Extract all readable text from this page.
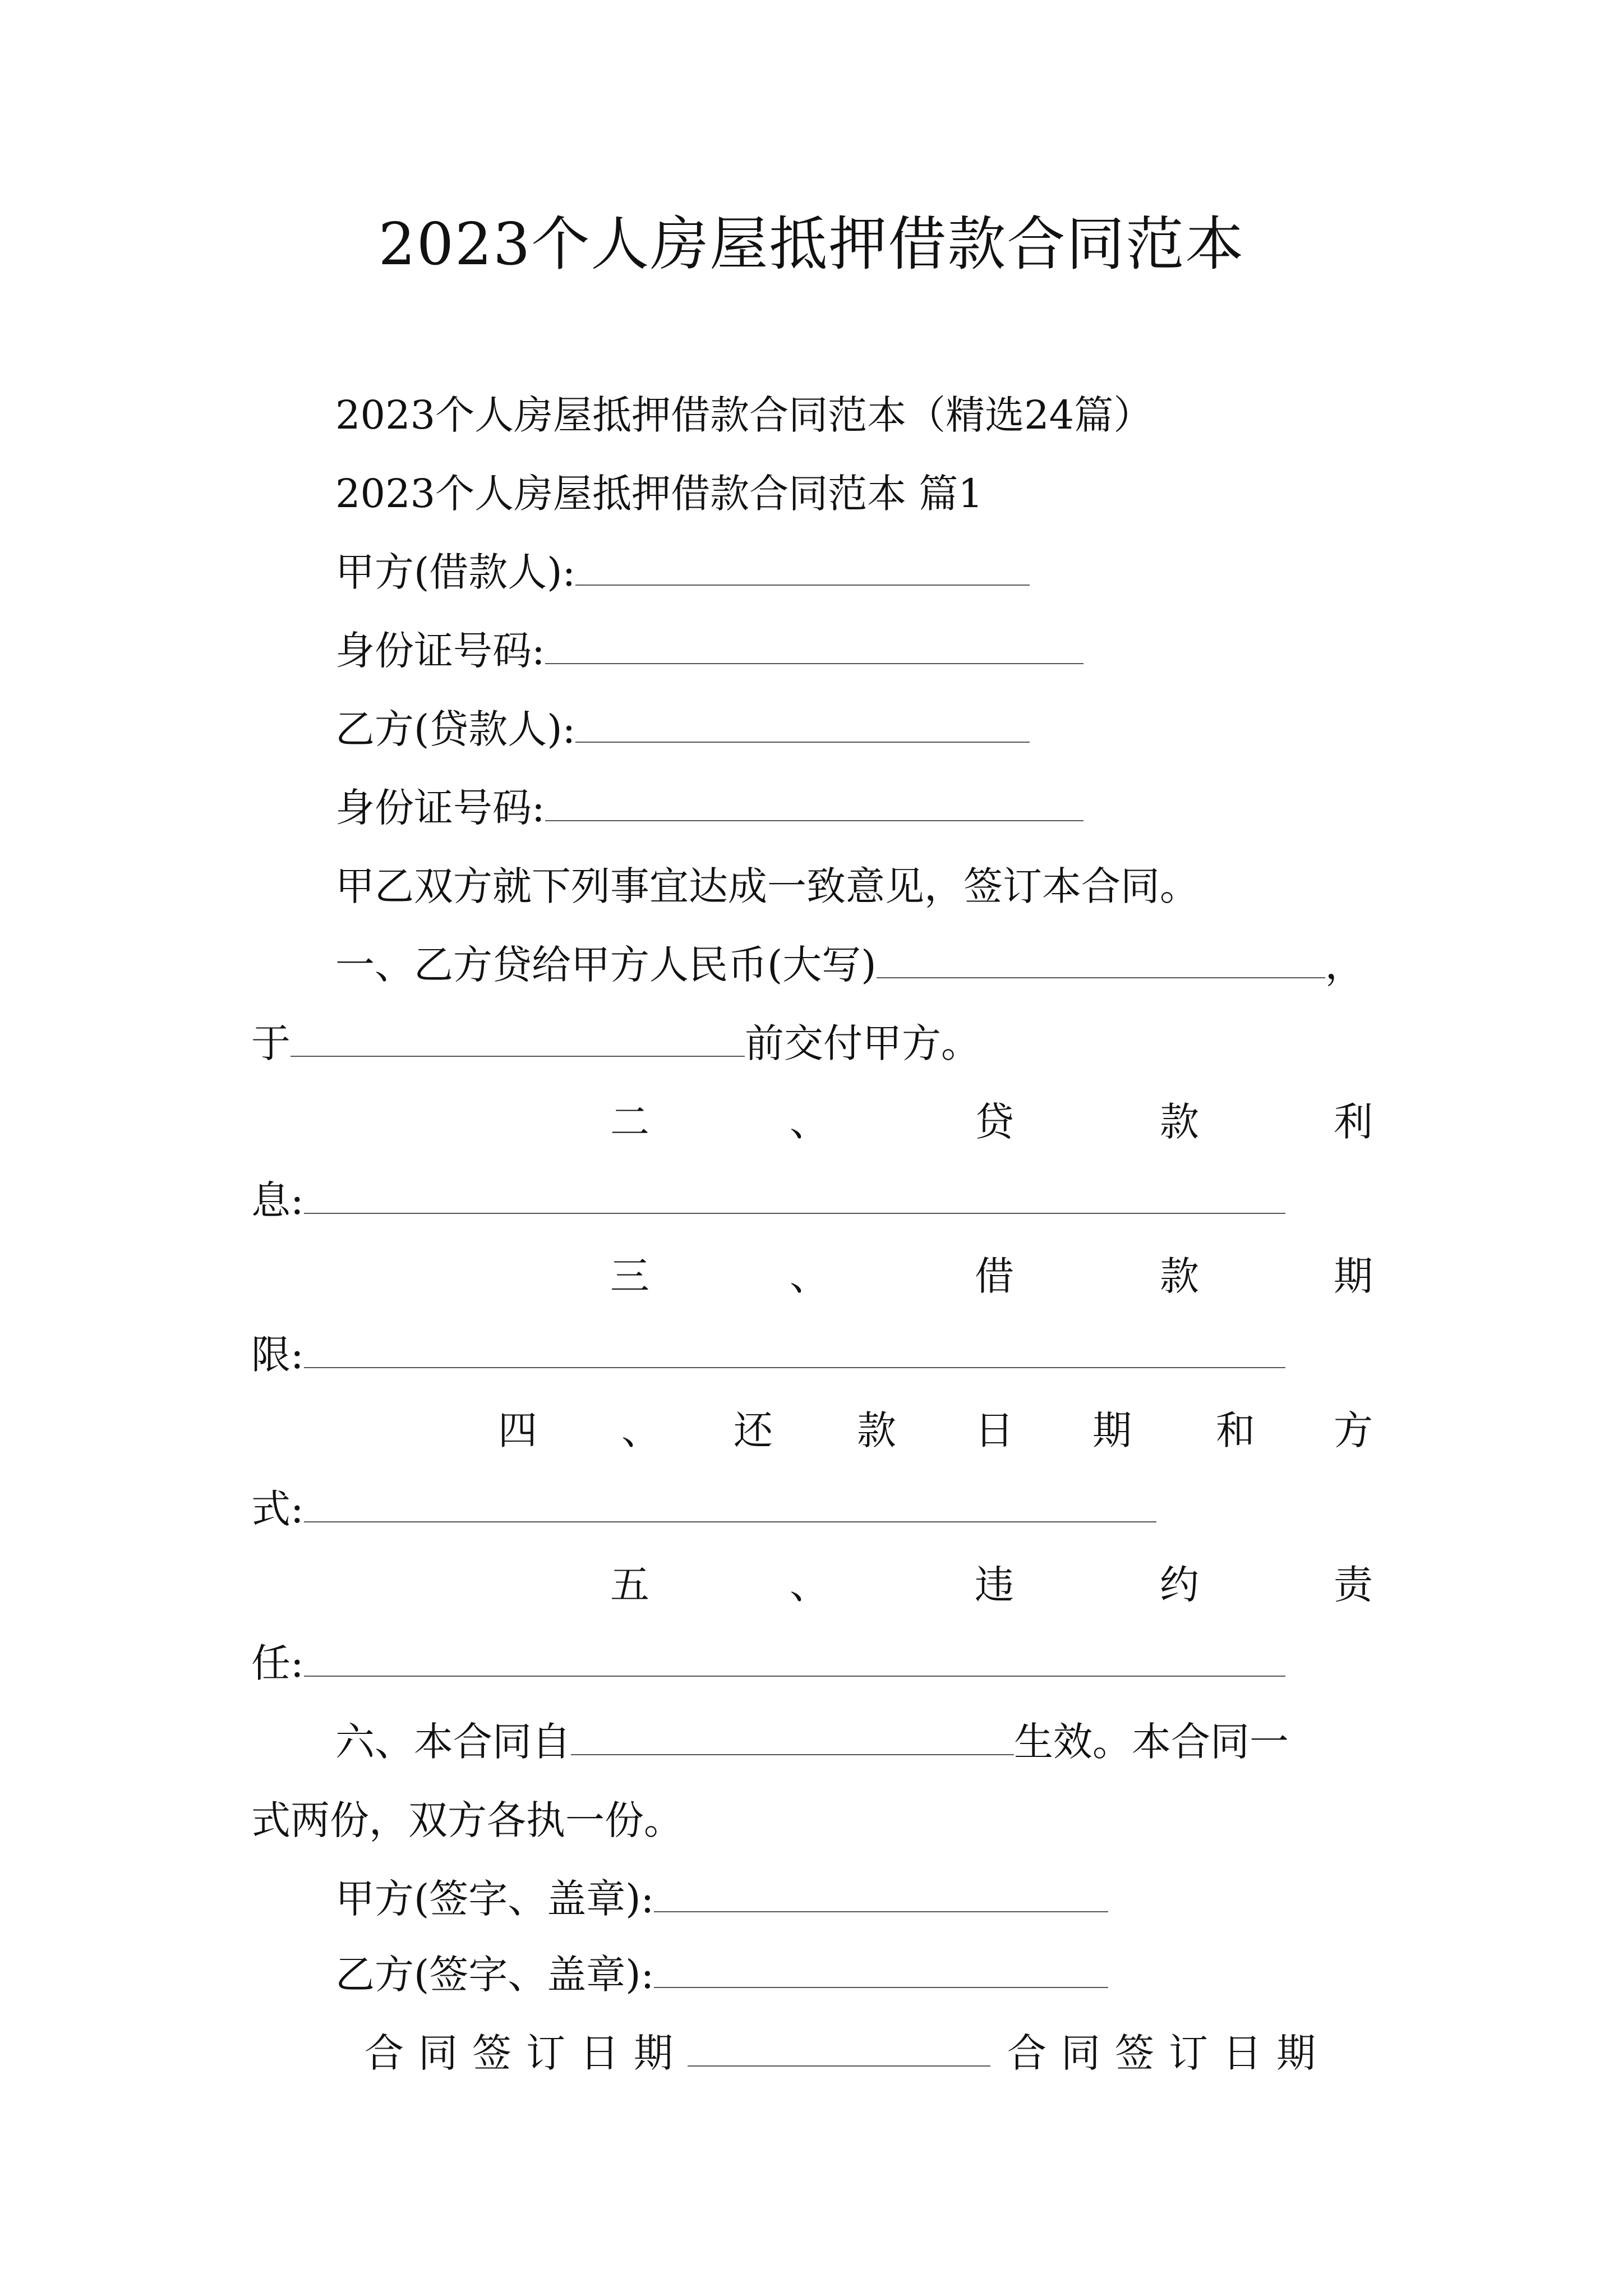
2023个人房屋抵押借款合同范本
2023个人房屋抵押借款合同范本（精选24篇）
2023个人房屋抵押借款合同范本 篇1
甲方(借款人):
身份证号码:
乙方(贷款人):
身份证号码:
甲乙双方就下列事宜达成一致意见，签订本合同。
一、乙方贷给甲方人民币(大写)	，
于	前交付甲方。
二	、	贷	款	利
息:
三	、	借	款	期
限:
四 、 还 款 日 期 和 方
式:
五	、	违	约	责
任:
六、本合同自	生效。本合同一
式两份，双方各执一份。
甲方(签字、盖章):
乙方(签字、盖章):
合同签订日期	合同签订日期
